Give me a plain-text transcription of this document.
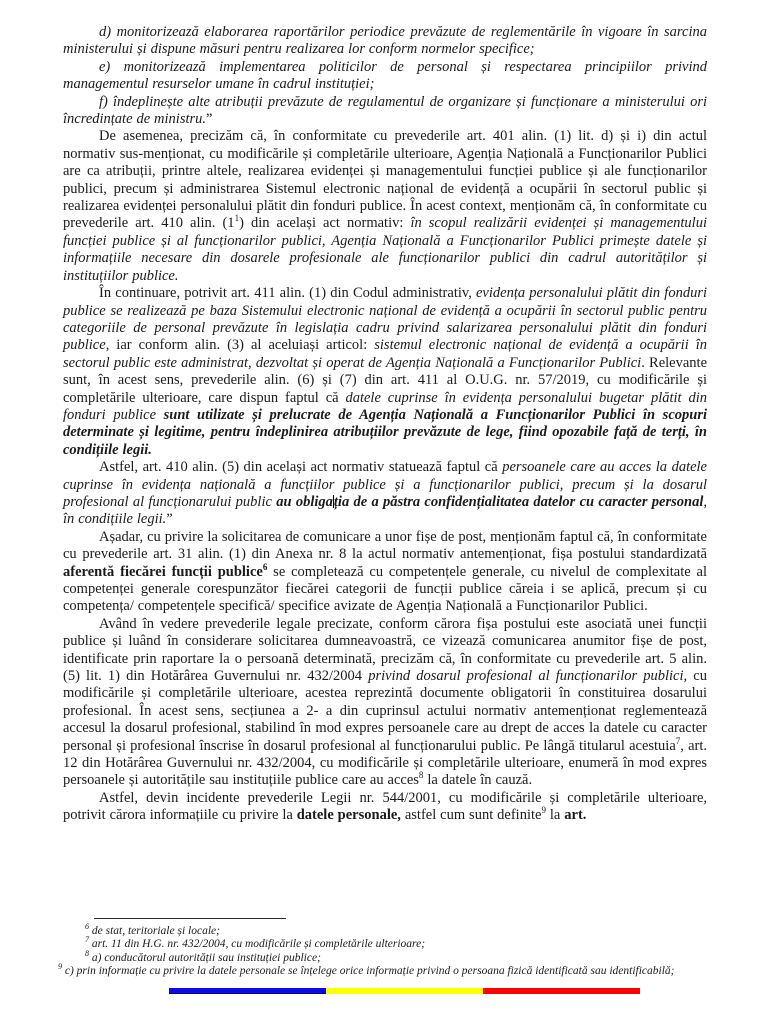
d) monitorizează elaborarea raportărilor periodice prevăzute de reglementările în vigoare în sarcina ministerului și dispune măsuri pentru realizarea lor conform normelor specifice;

e) monitorizează implementarea politicilor de personal și respectarea principiilor privind managementul resurselor umane în cadrul instituției;

f) îndeplinește alte atribuții prevăzute de regulamentul de organizare și funcționare a ministerului ori încredințate de ministru.”

De asemenea, precizăm că, în conformitate cu prevederile art. 401 alin. (1) lit. d) și i) din actul normativ sus-menționat, cu modificările și completările ulterioare, Agenția Națională a Funcționarilor Publici are ca atribuții, printre altele, realizarea evidenței și managementului funcției publice și ale funcționarilor publici, precum și administrarea Sistemul electronic național de evidență a ocupării în sectorul public și realizarea evidenței personalului plătit din fonduri publice. În acest context, menționăm că, în conformitate cu prevederile art. 410 alin. $(1^1)$ din același act normativ: în scopul realizării evidenței și managementului funcției publice și al funcționarilor publici, Agenția Națională a Funcționarilor Publici primește datele și informațiile necesare din dosarele profesionale ale funcționarilor publici din cadrul autorităților și instituțiilor publice.

În continuare, potrivit art. 411 alin. (1) din Codul administrativ, evidența personalului plătit din fonduri publice se realizează pe baza Sistemului electronic național de evidență a ocupării în sectorul public pentru categoriile de personal prevăzute în legislația cadru privind salarizarea personalului plătit din fonduri publice, iar conform alin. (3) al aceluiași articol: sistemul electronic național de evidență a ocupării în sectorul public este administrat, dezvoltat și operat de Agenția Națională a Funcționarilor Publici. Relevante sunt, în acest sens, prevederile alin. (6) și (7) din art. 411 al O.U.G. nr. 57/2019, cu modificările și completările ulterioare, care dispun faptul că datele cuprinse în evidența personalului bugetar plătit din fonduri publice sunt utilizate și prelucrate de Agenția Națională a Funcționarilor Publici în scopuri determinate și legitime, pentru îndeplinirea atribuțiilor prevăzute de lege, fiind opozabile față de terți, în condițiile legii.

Astfel, art. 410 alin. (5) din același act normativ statuează faptul că persoanele care au acces la datele cuprinse în evidența națională a funcțiilor publice și a funcționarilor publici, precum și la dosarul profesional al funcționarului public au obligația de a păstra confidențialitatea datelor cu caracter personal, în condițiile legii.”

Așadar, cu privire la solicitarea de comunicare a unor fișe de post, menționăm faptul că, în conformitate cu prevederile art. 31 alin. (1) din Anexa nr. 8 la actul normativ antemenționat, fișa postului standardizată aferentă fiecărei funcții publice$^6$ se completează cu competențele generale, cu nivelul de complexitate al competenței generale corespunzător fiecărei categorii de funcții publice căreia i se aplică, precum și cu competența/ competențele specifică/ specifice avizate de Agenția Națională a Funcționarilor Publici.

Având în vedere prevederile legale precizate, conform cărora fișa postului este asociată unei funcții publice și luând în considerare solicitarea dumneavoastră, ce vizează comunicarea anumitor fișe de post, identificate prin raportare la o persoană determinată, precizăm că, în conformitate cu prevederile art. 5 alin. (5) lit. 1) din Hotărârea Guvernului nr. 432/2004 privind dosarul profesional al funcționarilor publici, cu modificările și completările ulterioare, acestea reprezintă documente obligatorii în constituirea dosarului profesional. În acest sens, secțiunea a 2- a din cuprinsul actului normativ antemenționat reglementează accesul la dosarul profesional, stabilind în mod expres persoanele care au drept de acces la datele cu caracter personal și profesional înscrise în dosarul profesional al funcționarului public. Pe lângă titularul acestuia$^7$, art. 12 din Hotărârea Guvernului nr. 432/2004, cu modificările și completările ulterioare, enumeră în mod expres persoanele și autoritățile sau instituțiile publice care au acces$^8$ la datele în cauză.

Astfel, devin incidente prevederile Legii nr. 544/2001, cu modificările și completările ulterioare, potrivit cărora informațiile cu privire la datele personale, astfel cum sunt definite$^9$ la art.

$^6$ de stat, teritoriale și locale;

$^7$ art. 11 din H.G. nr. 432/2004, cu modificările și completările ulterioare;

$^8$ a) conducătorul autorității sau instituției publice;

$^9$ c) prin informație cu privire la datele personale se înțelege orice informație privind o persoana fizică identificată sau identificabilă;
